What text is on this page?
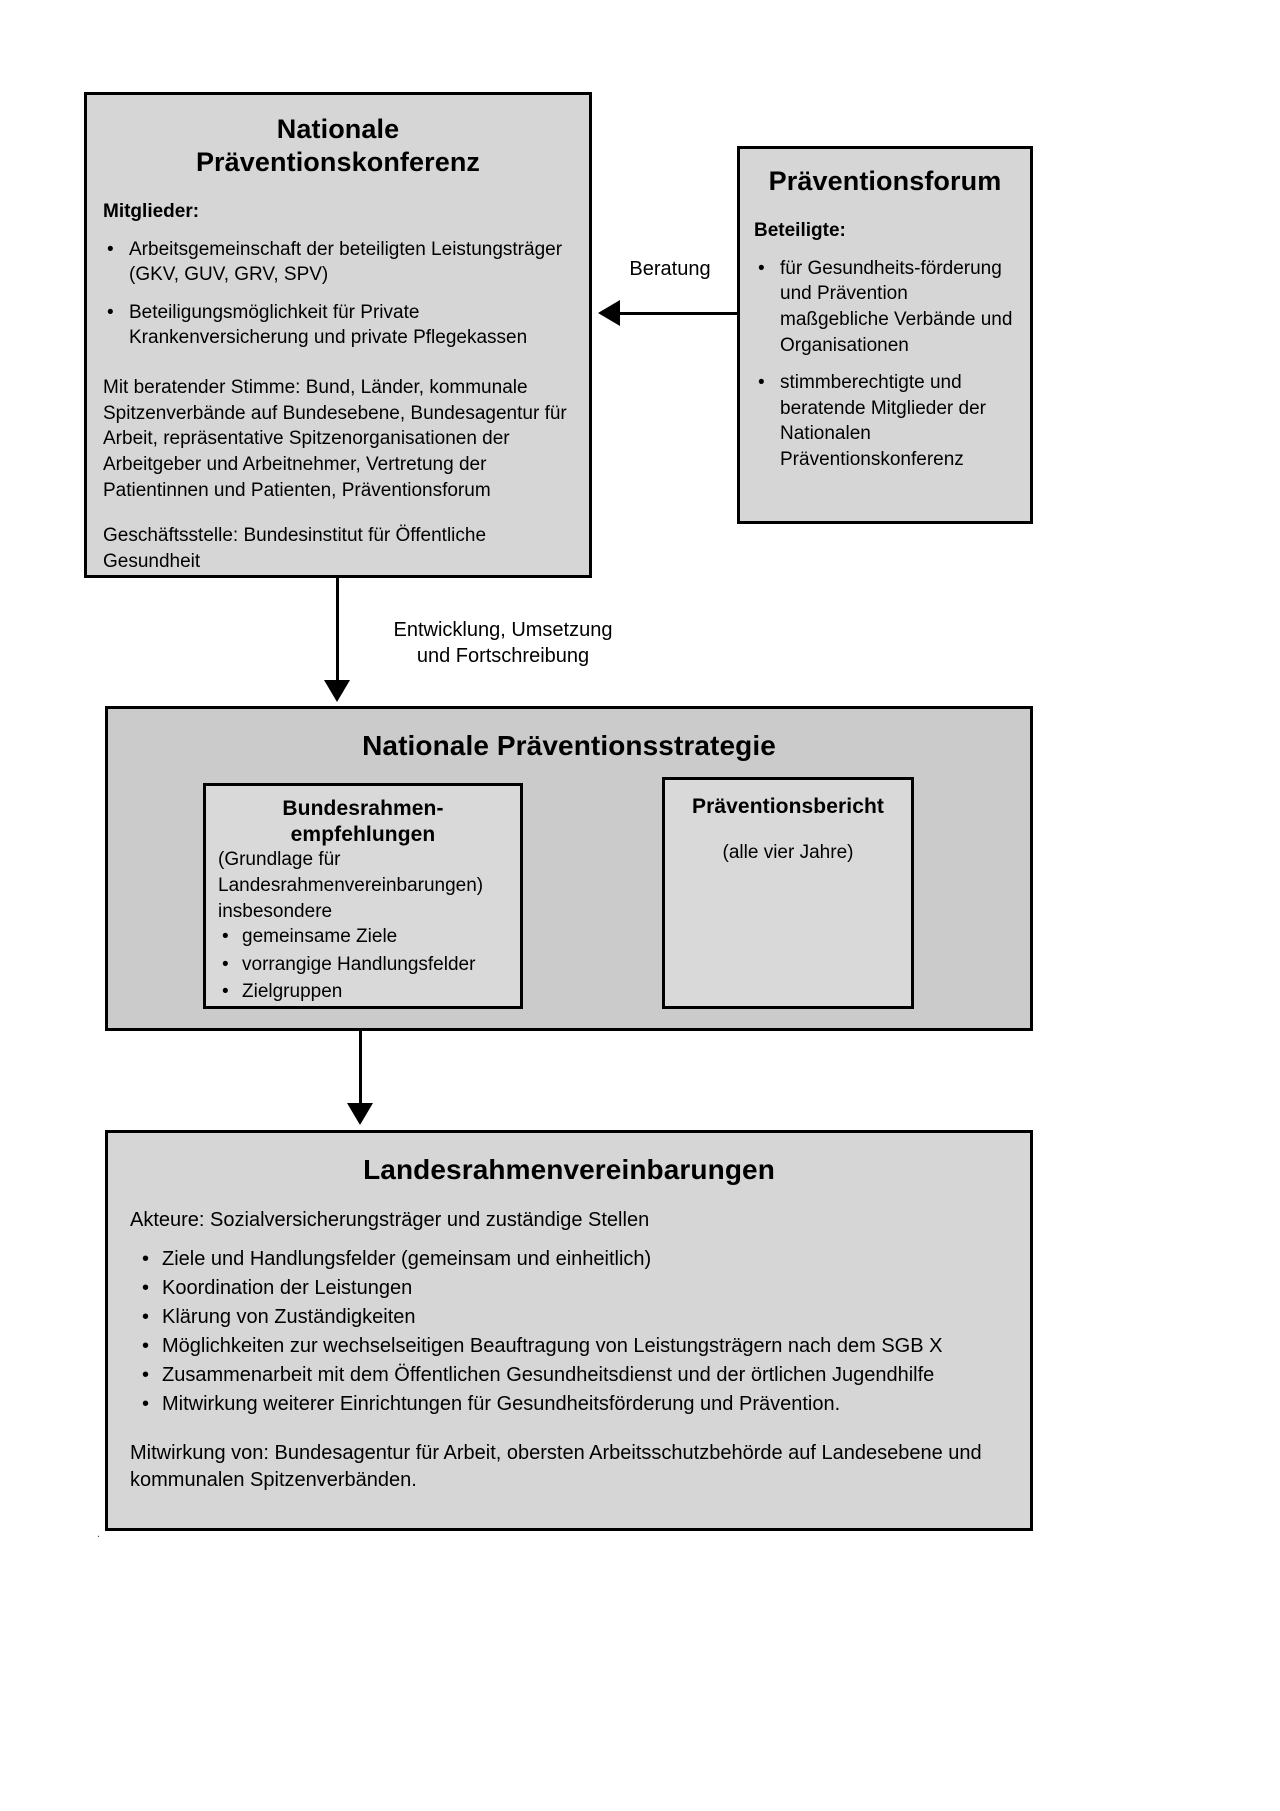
Nationale
Präventionskonferenz
Mitglieder:
• Arbeitsgemeinschaft der beteiligten Leistungsträger (GKV, GUV, GRV, SPV)
• Beteiligungsmöglichkeit für Private Krankenversicherung und private Pflegekassen
Mit beratender Stimme: Bund, Länder, kommunale Spitzenverbände auf Bundesebene, Bundesagentur für Arbeit, repräsentative Spitzenorganisationen der Arbeitgeber und Arbeitnehmer, Vertretung der Patientinnen und Patienten, Präventionsforum
Geschäftsstelle: Bundesinstitut für Öffentliche Gesundheit
Präventionsforum
Beteiligte:
• für Gesundheits-förderung und Prävention maßgebliche Verbände und Organisationen
• stimmberechtigte und beratende Mitglieder der Nationalen Präventionskonferenz
Beratung
Entwicklung, Umsetzung
und Fortschreibung
Nationale Präventionsstrategie
Bundesrahmen-
empfehlungen
(Grundlage für
Landesrahmenvereinbarungen)
insbesondere
• gemeinsame Ziele
• vorrangige Handlungsfelder
• Zielgruppen
Präventionsbericht
(alle vier Jahre)
Landesrahmenvereinbarungen
Akteure: Sozialversicherungsträger und zuständige Stellen
• Ziele und Handlungsfelder (gemeinsam und einheitlich)
• Koordination der Leistungen
• Klärung von Zuständigkeiten
• Möglichkeiten zur wechselseitigen Beauftragung von Leistungsträgern nach dem SGB X
• Zusammenarbeit mit dem Öffentlichen Gesundheitsdienst und der örtlichen Jugendhilfe
• Mitwirkung weiterer Einrichtungen für Gesundheitsförderung und Prävention.
Mitwirkung von: Bundesagentur für Arbeit, obersten Arbeitsschutzbehörde auf Landesebene und kommunalen Spitzenverbänden.
.
